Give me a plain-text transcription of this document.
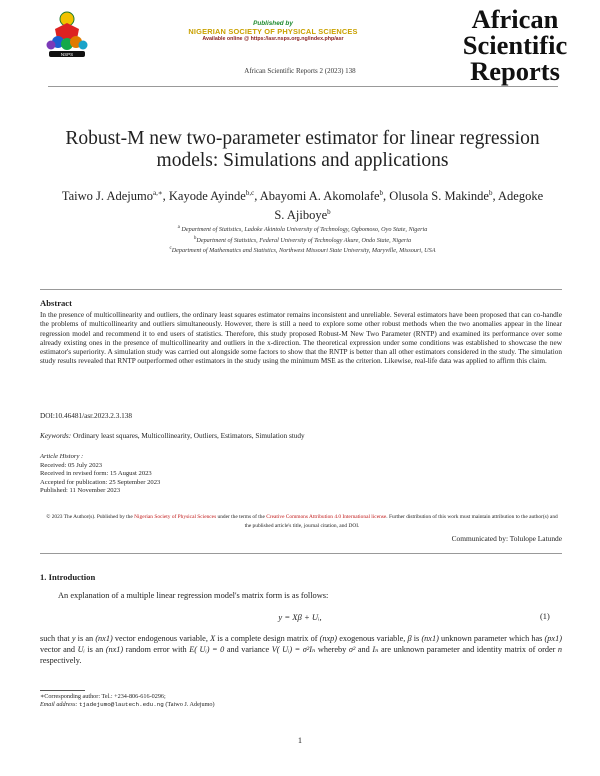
NSPS
Published by
NIGERIAN SOCIETY OF PHYSICAL SCIENCES
Available online @ https://asr.nsps.org.ng/index.php/asr
African Scientific Reports 2 (2023) 138
African
Scientific
Reports
Robust-M new two-parameter estimator for linear regression models: Simulations and applications
Taiwo J. Adejumo$^{a,∗}$, Kayode Ayinde$^{b,c}$, Abayomi A. Akomolafe$^b$, Olusola S. Makinde$^b$, Adegoke S. Ajiboye$^b$
$^a$ Department of Statistics, Ladoke Akintola University of Technology, Ogbomoso, Oyo State, Nigeria
$^b$Department of Statistics, Federal University of Technology Akure, Ondo State, Nigeria
$^c$Department of Mathematics and Statistics, Northwest Missouri State University, Maryville, Missouri, USA
Abstract
In the presence of multicollinearity and outliers, the ordinary least squares estimator remains inconsistent and unreliable. Several estimators have been proposed that can co-handle the problems of multicollinearity and outliers simultaneously. However, there is still a need to explore some other robust methods when the two anomalies appear in the linear regression model and recommend it to end users of statistics. Therefore, this study proposed Robust-M New Two Parameter (RNTP) and examined its performance over some already existing ones in the presence of multicollinearity and outliers in the x-direction. The theoretical expression under some conditions was established to showcase the new estimator's superiority. A simulation study was carried out alongside some factors to show that the RNTP is better than all other estimators considered in the study. The simulation study results revealed that RNTP outperformed other estimators in the study using the minimum MSE as the criterion. Likewise, real-life data was applied to affirm this claim.
DOI:10.46481/asr.2023.2.3.138
Keywords: Ordinary least squares, Multicollinearity, Outliers, Estimators, Simulation study
Article History :
Received: 05 July 2023
Received in revised form: 15 August 2023
Accepted for publication: 25 September 2023
Published: 11 November 2023
© 2023 The Author(s). Published by the Nigerian Society of Physical Sciences under the terms of the Creative Commons Attribution 4.0 International license. Further distribution of this work must maintain attribution to the author(s) and the published article's title, journal citation, and DOI.
Communicated by: Tolulope Latunde
1. Introduction
An explanation of a multiple linear regression model's matrix form is as follows:
y = Xβ + Uᵢ,	(1)
such that y is an (nx1) vector endogenous variable, X is a complete design matrix of (nxp) exogenous variable, β is (nx1) unknown parameter which has (px1) vector and Uᵢ is an (nx1) random error with E( Uᵢ) = 0 and variance V( Uᵢ) = σ²Iₙ whereby σ² and Iₙ are unknown parameter and identity matrix of order n respectively.
∗Corresponding author: Tel.: +234-806-616-0296;
Email address: tjadejumo@lautech.edu.ng (Taiwo J. Adejumo)
1
